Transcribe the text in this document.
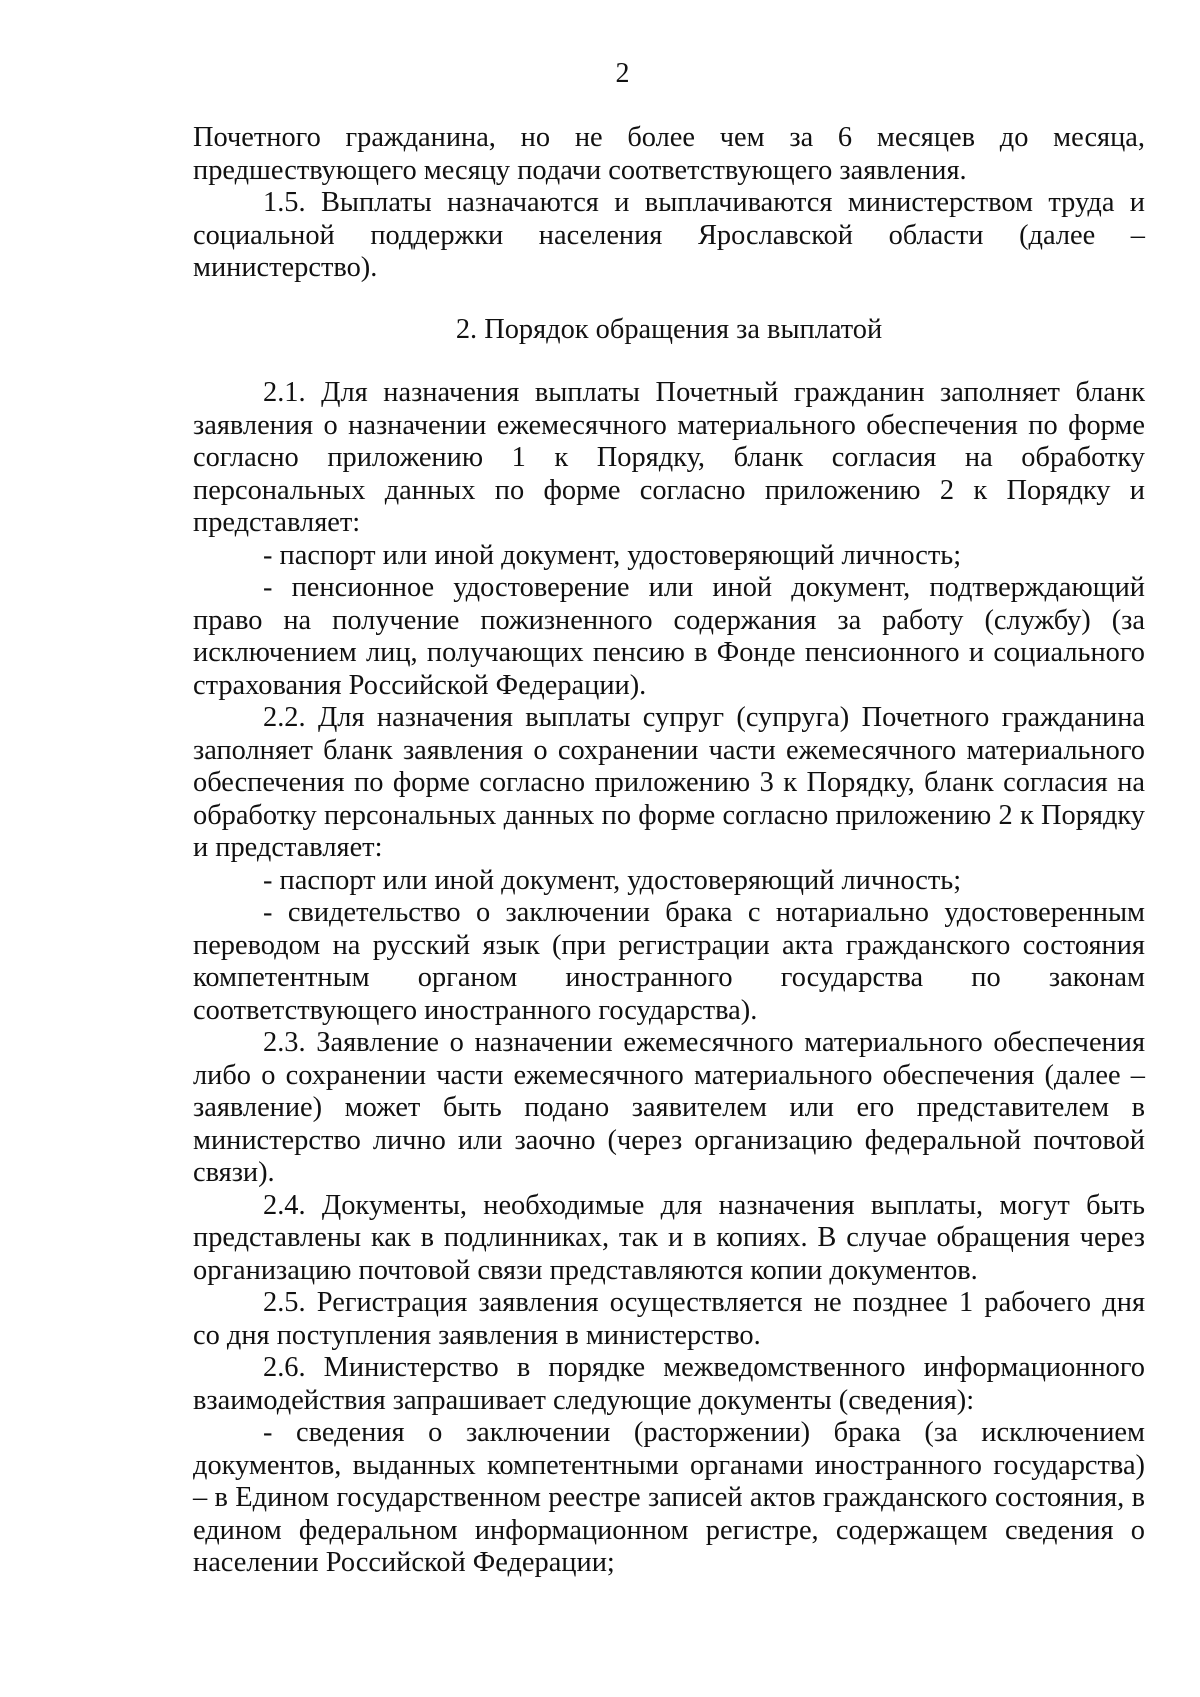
2

Почетного гражданина, но не более чем за 6 месяцев до месяца, предшествующего месяцу подачи соответствующего заявления.

1.5. Выплаты назначаются и выплачиваются министерством труда и социальной поддержки населения Ярославской области (далее – министерство).

2. Порядок обращения за выплатой

2.1. Для назначения выплаты Почетный гражданин заполняет бланк заявления о назначении ежемесячного материального обеспечения по форме согласно приложению 1 к Порядку, бланк согласия на обработку персональных данных по форме согласно приложению 2 к Порядку и представляет:

- паспорт или иной документ, удостоверяющий личность;

- пенсионное удостоверение или иной документ, подтверждающий право на получение пожизненного содержания за работу (службу) (за исключением лиц, получающих пенсию в Фонде пенсионного и социального страхования Российской Федерации).

2.2. Для назначения выплаты супруг (супруга) Почетного гражданина заполняет бланк заявления о сохранении части ежемесячного материального обеспечения по форме согласно приложению 3 к Порядку, бланк согласия на обработку персональных данных по форме согласно приложению 2 к Порядку и представляет:

- паспорт или иной документ, удостоверяющий личность;

- свидетельство о заключении брака с нотариально удостоверенным переводом на русский язык (при регистрации акта гражданского состояния компетентным органом иностранного государства по законам соответствующего иностранного государства).

2.3. Заявление о назначении ежемесячного материального обеспечения либо о сохранении части ежемесячного материального обеспечения (далее – заявление) может быть подано заявителем или его представителем в министерство лично или заочно (через организацию федеральной почтовой связи).

2.4. Документы, необходимые для назначения выплаты, могут быть представлены как в подлинниках, так и в копиях. В случае обращения через организацию почтовой связи представляются копии документов.

2.5. Регистрация заявления осуществляется не позднее 1 рабочего дня со дня поступления заявления в министерство.

2.6. Министерство в порядке межведомственного информационного взаимодействия запрашивает следующие документы (сведения):

- сведения о заключении (расторжении) брака (за исключением документов, выданных компетентными органами иностранного государства) – в Едином государственном реестре записей актов гражданского состояния, в едином федеральном информационном регистре, содержащем сведения о населении Российской Федерации;
